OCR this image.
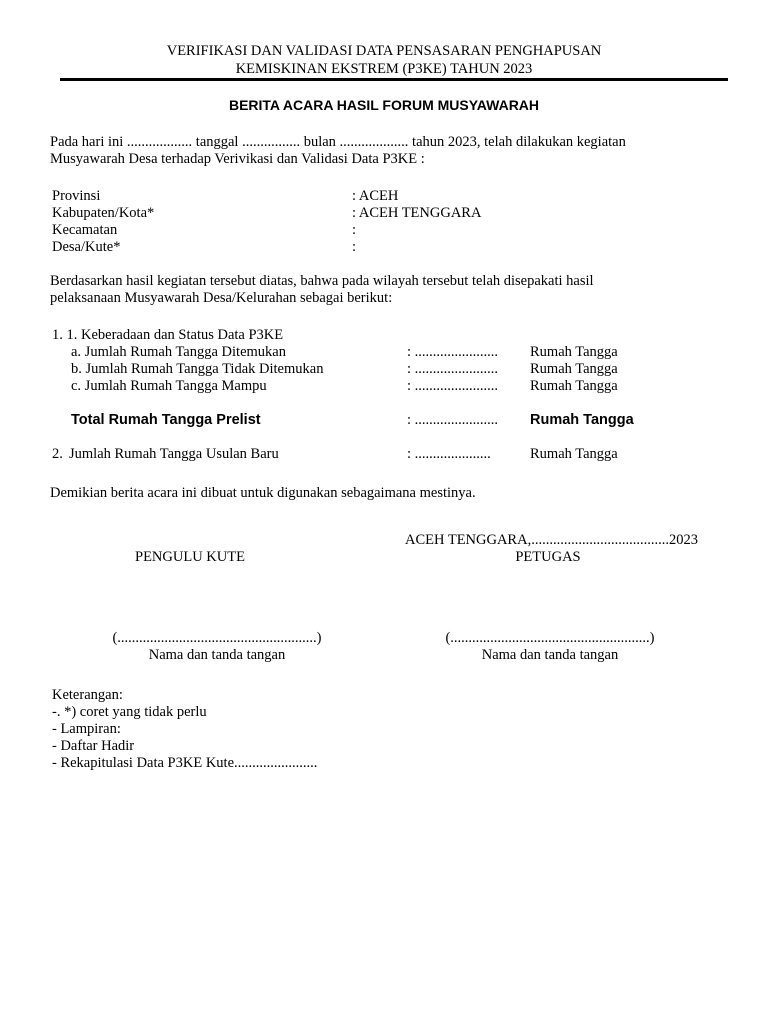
VERIFIKASI DAN VALIDASI DATA PENSASARAN PENGHAPUSAN
KEMISKINAN EKSTREM (P3KE) TAHUN 2023
BERITA ACARA HASIL FORUM MUSYAWARAH
Pada hari ini .................. tanggal ................ bulan ................... tahun 2023, telah dilakukan kegiatan
Musyawarah Desa terhadap Verivikasi dan Validasi Data P3KE :
Provinsi	: ACEH
Kabupaten/Kota*	: ACEH TENGGARA
Kecamatan	:
Desa/Kute*	:
Berdasarkan hasil kegiatan tersebut diatas, bahwa pada wilayah tersebut telah disepakati hasil
pelaksanaan Musyawarah Desa/Kelurahan sebagai berikut:
1. 1. Keberadaan dan Status Data P3KE
a. Jumlah Rumah Tangga Ditemukan	: ....................... Rumah Tangga
b. Jumlah Rumah Tangga Tidak Ditemukan	: ....................... Rumah Tangga
c. Jumlah Rumah Tangga Mampu	: ....................... Rumah Tangga
Total Rumah Tangga Prelist	: ....................... Rumah Tangga
2. Jumlah Rumah Tangga Usulan Baru	: .....................	Rumah Tangga
Demikian berita acara ini dibuat untuk digunakan sebagaimana mestinya.
ACEH TENGGARA,......................................2023
PENGULU KUTE	PETUGAS
(.......................................................)	(.......................................................)
Nama dan tanda tangan	Nama dan tanda tangan
Keterangan:
-. *) coret yang tidak perlu
- Lampiran:
- Daftar Hadir
- Rekapitulasi Data P3KE Kute.......................
